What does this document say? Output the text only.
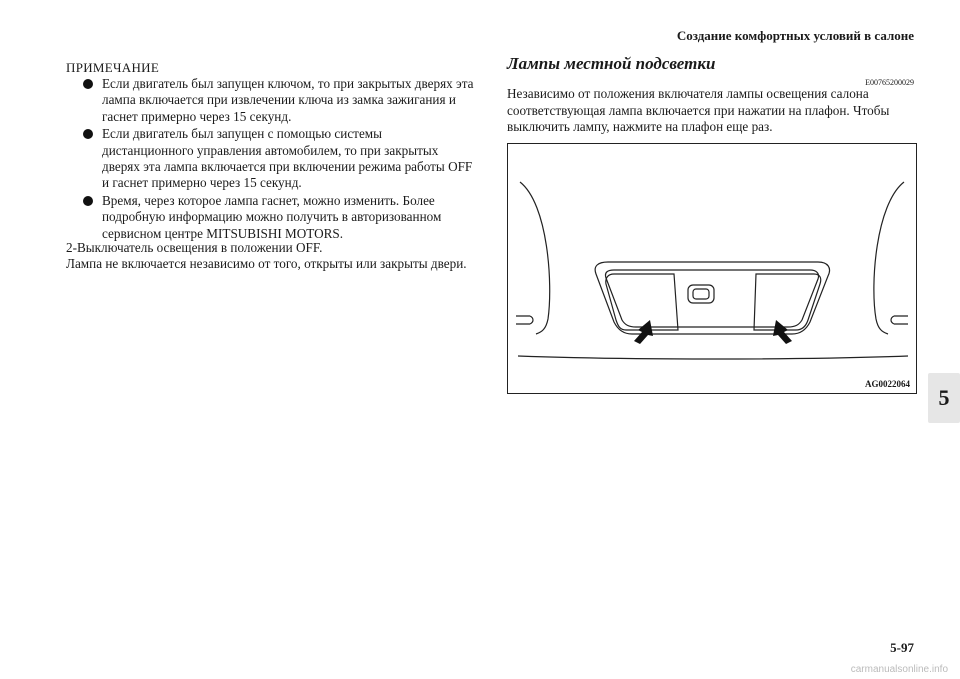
Создание комфортных условий в салоне
ПРИМЕЧАНИЕ
Если двигатель был запущен ключом, то при закрытых дверях эта лампа включается при извлечении ключа из замка зажигания и гаснет примерно через 15 секунд.
Если двигатель был запущен с помощью системы дистанционного управления автомобилем, то при закрытых дверях эта лампа включается при включении режима работы OFF и гаснет примерно через 15 секунд.
Время, через которое лампа гаснет, можно изменить. Более подробную информацию можно получить в авторизованном сервисном центре MITSUBISHI MOTORS.

2-Выключатель освещения в положении OFF.

Лампа не включается независимо от того, открыты или закрыты двери.

Лампы местной подсветки
E00765200029
Независимо от положения включателя лампы освещения салона соответствующая лампа включается при нажатии на плафон. Чтобы выключить лампу, нажмите на плафон еще раз.
AG0022064
5
5-97
carmanualsonline.info
